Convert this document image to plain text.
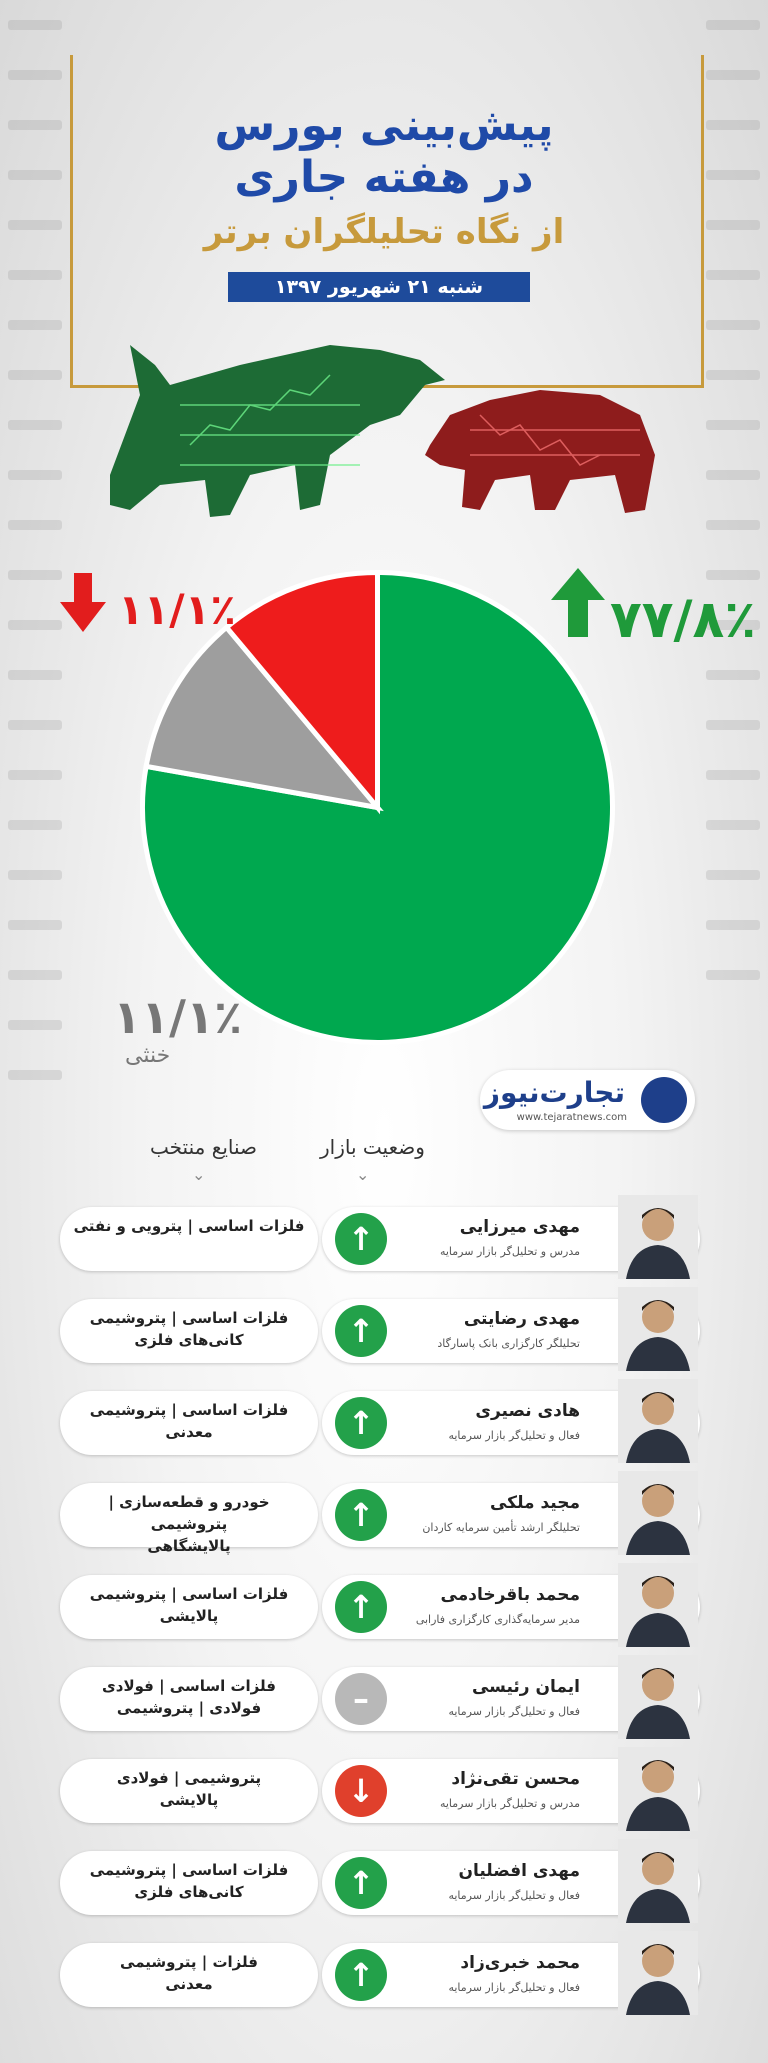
پیش‌بینی بورس
در هفته جاری
از نگاه تحلیلگران برتر
شنبه ۲۱ شهریور ۱۳۹۷
۷۷/۸٪
۱۱/۱٪
۱۱/۱٪
خنثی
تجارت‌نیوز
www.tejaratnews.com
وضعیت بازار
صنایع منتخب
⌄
⌄
فلزات اساسی | پترویی و نفتی	مهدی میرزایی
مدرس و تحلیل‌گر بازار سرمایه
↑
فلزات اساسی | پتروشیمی
کانی‌های فلزی
مهدی رضایتی
تحلیلگر کارگزاری بانک پاسارگاد
↑
فلزات اساسی | پتروشیمی
معدنی
هادی نصیری
فعال و تحلیل‌گر بازار سرمایه
↑
خودرو و قطعه‌سازی | پتروشیمی
پالایشگاهی
مجید ملکی
تحلیلگر ارشد تأمین سرمایه کاردان
↑
فلزات اساسی | پتروشیمی
پالایشی
محمد باقرخادمی
مدیر سرمایه‌گذاری کارگزاری فارابی
↑
فلزات اساسی | فولادی
فولادی | پتروشیمی
ایمان رئیسی
فعال و تحلیل‌گر بازار سرمایه
–
پتروشیمی | فولادی
پالایشی
محسن تقی‌نژاد
مدرس و تحلیل‌گر بازار سرمایه
↓
فلزات اساسی | پتروشیمی
کانی‌های فلزی
مهدی افضلیان
فعال و تحلیل‌گر بازار سرمایه
↑
فلزات | پتروشیمی
معدنی
محمد خبری‌زاد
فعال و تحلیل‌گر بازار سرمایه
↑
